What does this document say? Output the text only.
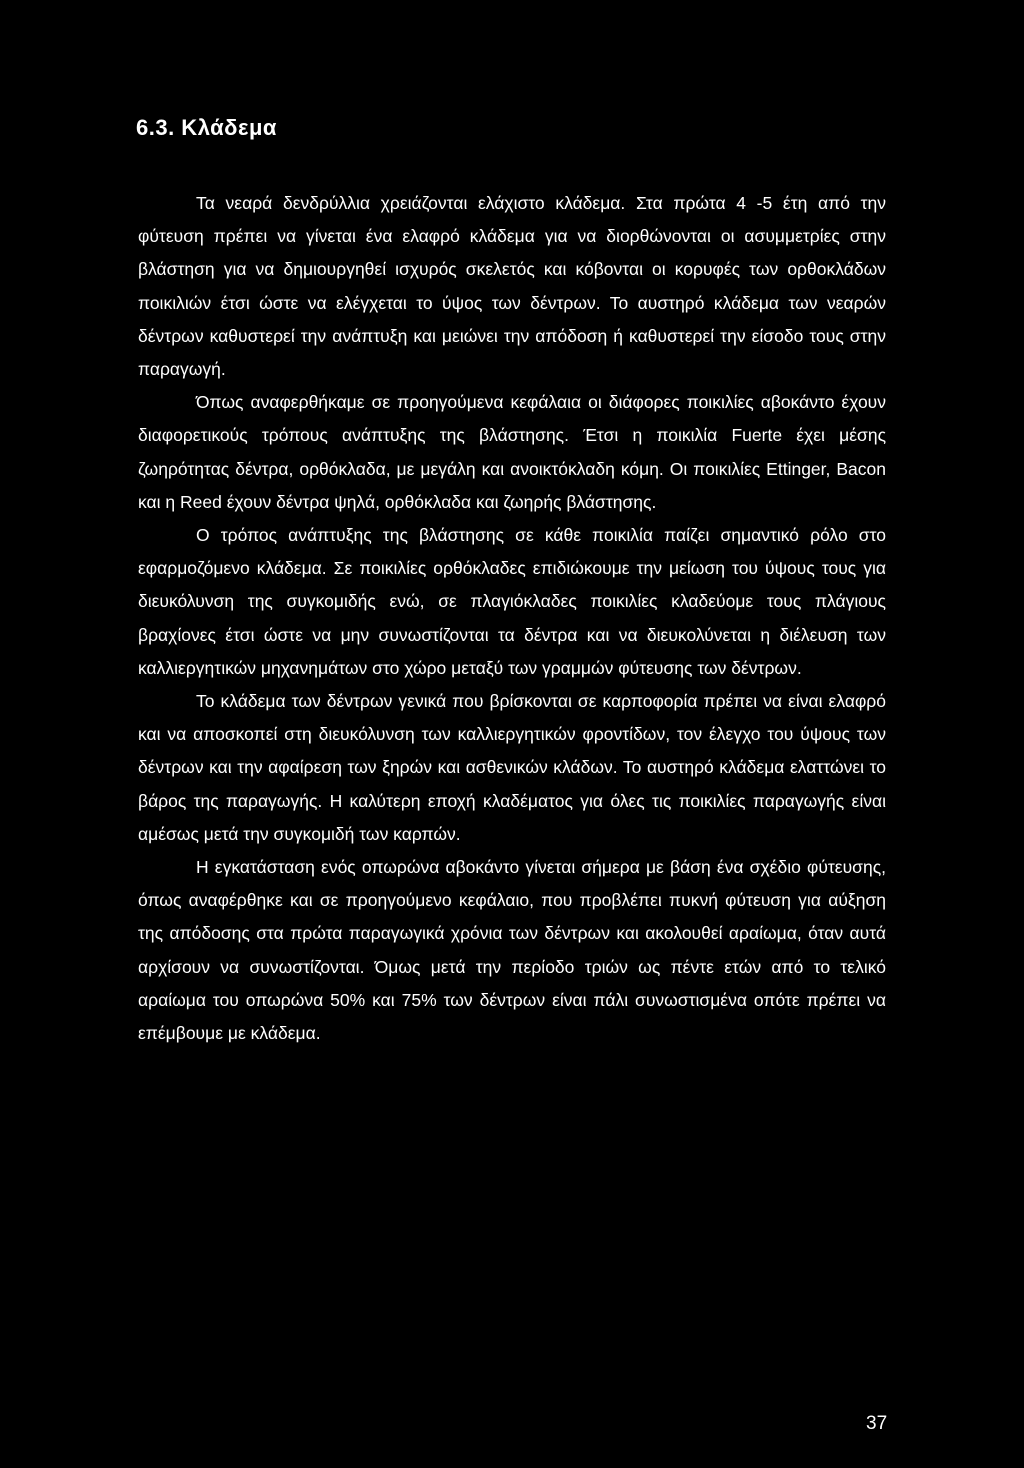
6.3. Κλάδεμα

Τα νεαρά δενδρύλλια χρειάζονται ελάχιστο κλάδεμα. Στα πρώτα 4 -5 έτη από την φύτευση πρέπει να γίνεται ένα ελαφρό κλάδεμα για να διορθώνονται οι ασυμμετρίες στην βλάστηση για να δημιουργηθεί ισχυρός σκελετός και κόβονται οι κορυφές των ορθοκλάδων ποικιλιών έτσι ώστε να ελέγχεται το ύψος των δέντρων. Το αυστηρό κλάδεμα των νεαρών δέντρων καθυστερεί την ανάπτυξη και μειώνει την απόδοση ή καθυστερεί την είσοδο τους στην παραγωγή.

Όπως αναφερθήκαμε σε προηγούμενα κεφάλαια οι διάφορες ποικιλίες αβοκάντο έχουν διαφορετικούς τρόπους ανάπτυξης της βλάστησης. Έτσι η ποικιλία Fuerte έχει μέσης ζωηρότητας δέντρα, ορθόκλαδα, με μεγάλη και ανοικτόκλαδη κόμη. Οι ποικιλίες Ettinger, Bacon και η Reed έχουν δέντρα ψηλά, ορθόκλαδα και ζωηρής βλάστησης.

Ο τρόπος ανάπτυξης της βλάστησης σε κάθε ποικιλία παίζει σημαντικό ρόλο στο εφαρμοζόμενο κλάδεμα. Σε ποικιλίες ορθόκλαδες επιδιώκουμε την μείωση του ύψους τους για διευκόλυνση της συγκομιδής ενώ, σε πλαγιόκλαδες ποικιλίες κλαδεύομε τους πλάγιους βραχίονες έτσι ώστε να μην συνωστίζονται τα δέντρα και να διευκολύνεται η διέλευση των καλλιεργητικών μηχανημάτων στο χώρο μεταξύ των γραμμών φύτευσης των δέντρων.

Το κλάδεμα των δέντρων γενικά που βρίσκονται σε καρποφορία πρέπει να είναι ελαφρό και να αποσκοπεί στη διευκόλυνση των καλλιεργητικών φροντίδων, τον έλεγχο του ύψους των δέντρων και την αφαίρεση των ξηρών και ασθενικών κλάδων. Το αυστηρό κλάδεμα ελαττώνει το βάρος της παραγωγής. Η καλύτερη εποχή κλαδέματος για όλες τις ποικιλίες παραγωγής είναι αμέσως μετά την συγκομιδή των καρπών.

Η εγκατάσταση ενός οπωρώνα αβοκάντο γίνεται σήμερα με βάση ένα σχέδιο φύτευσης, όπως αναφέρθηκε και σε προηγούμενο κεφάλαιο, που προβλέπει πυκνή φύτευση για αύξηση της απόδοσης στα πρώτα παραγωγικά χρόνια των δέντρων και ακολουθεί αραίωμα, όταν αυτά αρχίσουν να συνωστίζονται. Όμως μετά την περίοδο τριών ως πέντε ετών από το τελικό αραίωμα του οπωρώνα 50% και 75% των δέντρων είναι πάλι συνωστισμένα οπότε πρέπει να επέμβουμε με κλάδεμα.

37
